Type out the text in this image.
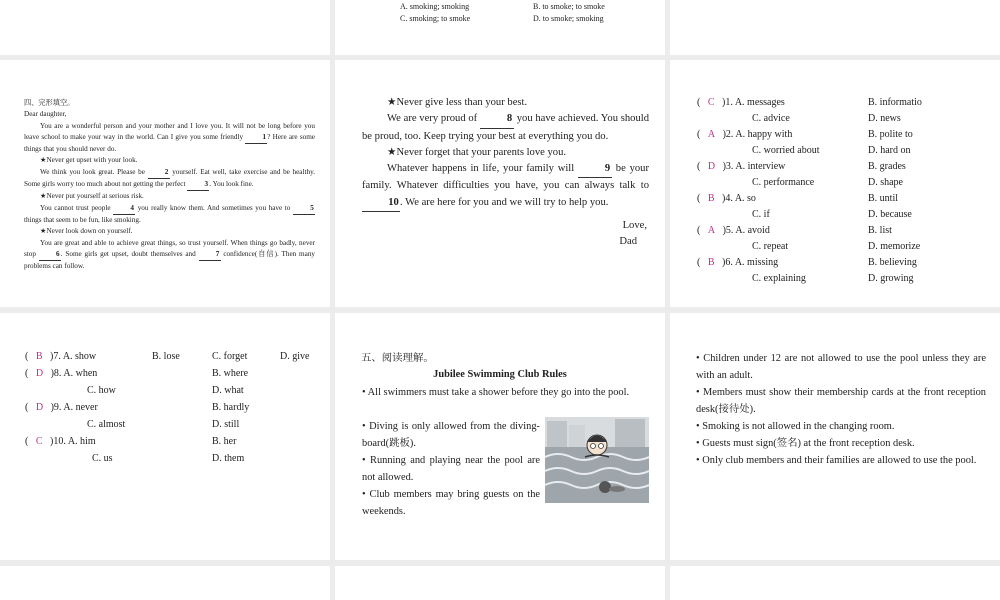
A. smoking; smoking	B. to smoke; to smoke
C. smoking; to smoke	D. to smoke; smoking
四、完形填空。
Dear daughter,

You are a wonderful person and your mother and I love you. It will not be long before you leave school to make your way in the world. Can I give you some friendly 1? Here are some things that you should never do.

★Never get upset with your look.

We think you look great. Please be 2 yourself. Eat well, take exercise and be healthy. Some girls worry too much about not getting the perfect 3. You look fine.

★Never put yourself at serious risk.

You cannot trust people 4 you really know them. And sometimes you have to 5 things that seem to be fun, like smoking.

★Never look down on yourself.

You are great and able to achieve great things, so trust yourself. When things go badly, never stop 6. Some girls get upset, doubt themselves and 7 confidence(自信). Then many problems can follow.

★Never give less than your best.

We are very proud of	8 you have achieved. You should be proud, too. Keep trying your best at everything you do.

★Never forget that your parents love you.

Whatever happens in life, your family will	9 be your family. Whatever difficulties you have, you can always talk to 10. We are here for you and we will try to help you.

Love,
Dad
(   C   )1. A. messages	B. informatio
C. advice	D. news
(   A   )2. A. happy with	B. polite to
C. worried about	D. hard on
(   D   )3. A. interview	B. grades
C. performance	D. shape
(   B   )4. A. so	B. until
C. if	D. because
(   A   )5. A. avoid	B. list
C. repeat	D. memorize
(   B   )6. A. missing	B. believing
C. explaining	D. growing
(   B   )7. A. show	B. lose	C. forget	D. give
(   D   )8. A. when	B. where
C. how	D. what
(   D   )9. A. never	B. hardly
C. almost	D. still
(   C   )10. A. him	B. her
C. us	D. them
五、阅读理解。
Jubilee Swimming Club Rules
• All swimmers must take a shower before they go into the pool.
• Diving is only allowed from the diving-board(跳板).
• Running and playing near the pool are not allowed.
• Club members may bring guests on the weekends.
• Children under 12 are not allowed to use the pool unless they are with an adult.
• Members must show their membership cards at the front reception desk(接待处).
• Smoking is not allowed in the changing room.
• Guests must sign(签名) at the front reception desk.
• Only club members and their families are allowed to use the pool.
